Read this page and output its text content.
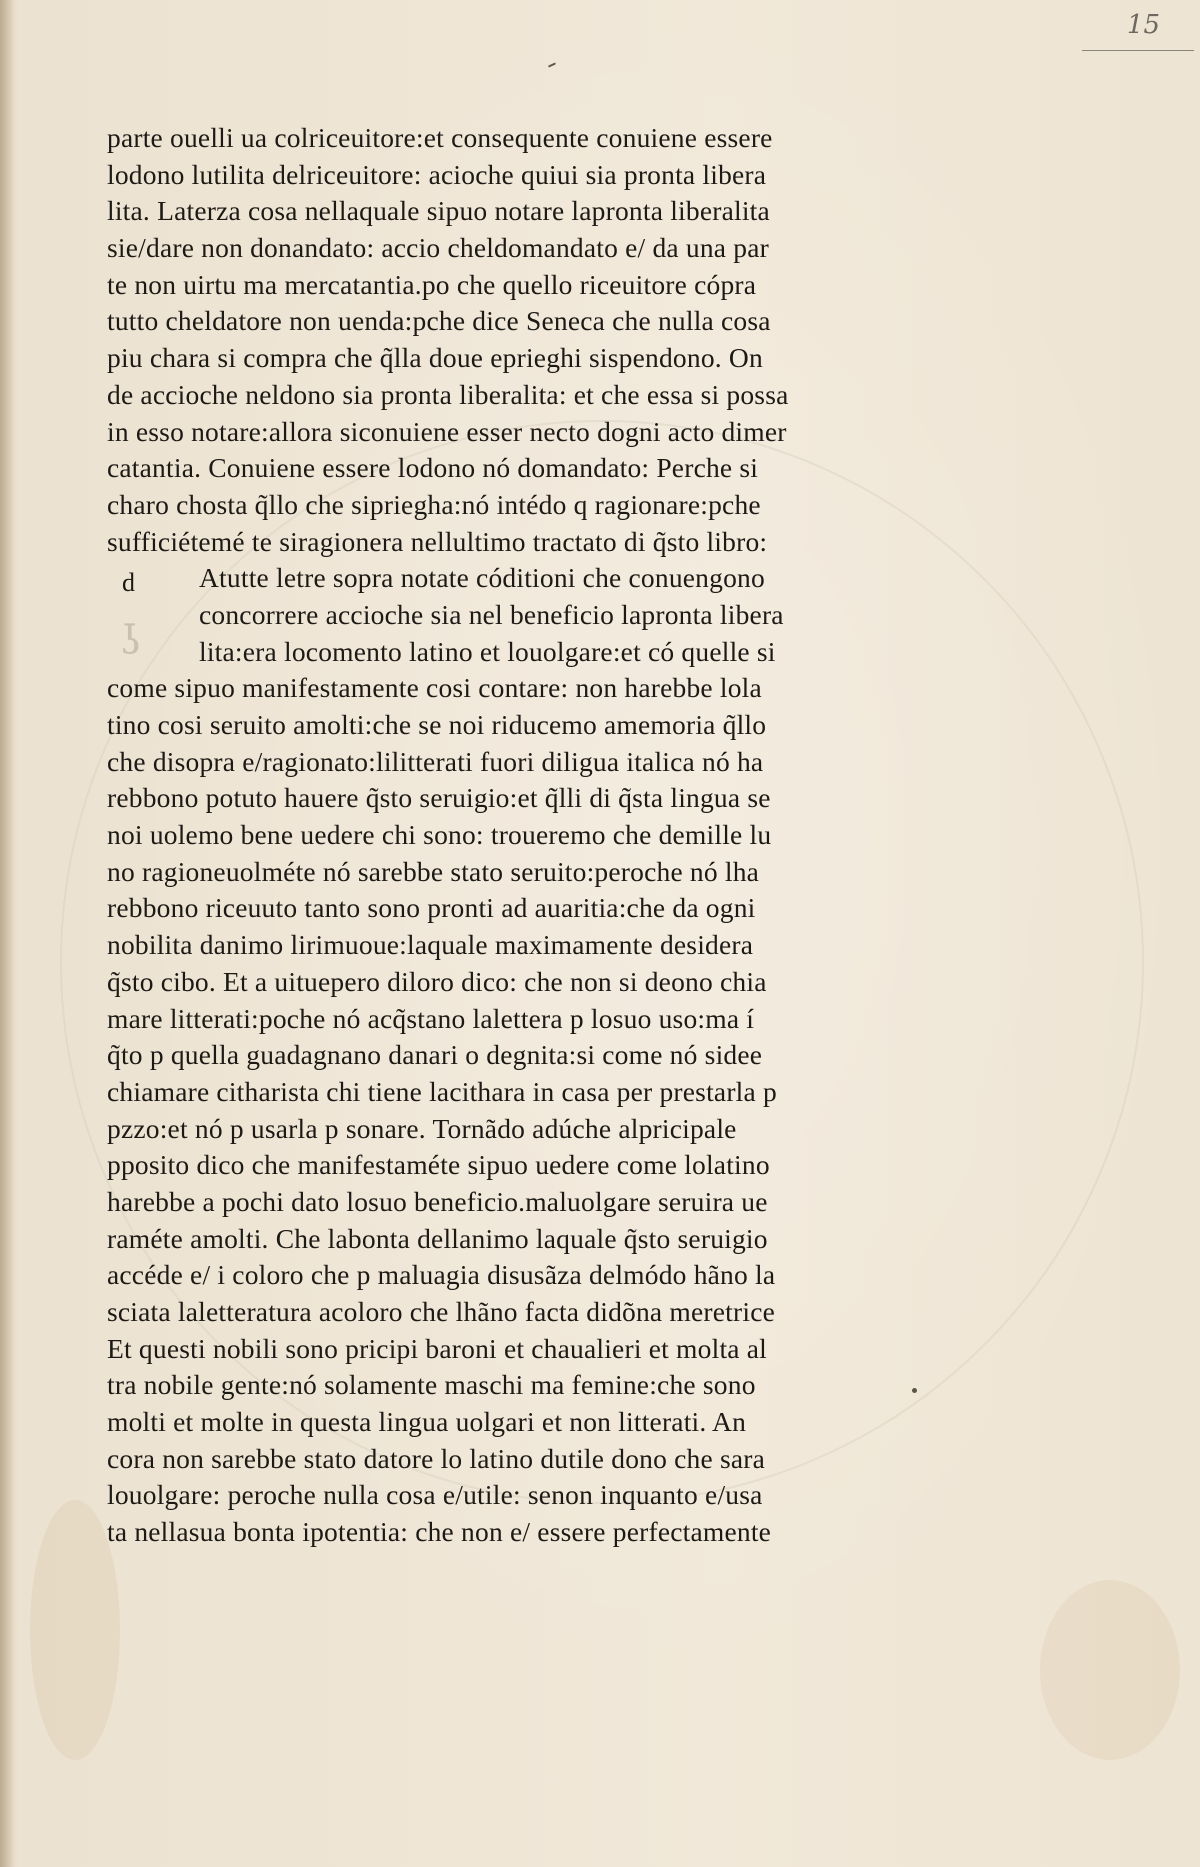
15
d
ʖ
parte ouelli ua colriceuitore:et consequente conuiene essere
lodono lutilita delriceuitore: acioche quiui sia pronta libera
lita. Laterza cosa nellaquale sipuo notare lapronta liberalita
sie/dare non donandato: accio cheldomandato e/ da una par
te non uirtu ma mercatantia.po che quello riceuitore cópra
tutto cheldatore non uenda:pche dice Seneca che nulla cosa
piu chara si compra che q̃lla doue eprieghi sispendono. On
de accioche neldono sia pronta liberalita: et che essa si possa
in esso notare:allora siconuiene esser necto dogni acto dimer
catantia. Conuiene essere lodono nó domandato: Perche si
charo chosta q̃llo che sipriegha:nó intédo q ragionare:pche
sufficiétemé te siragionera nellultimo tractato di q̃sto libro:
Atutte letre sopra notate códitioni che conuengono
concorrere accioche sia nel beneficio lapronta libera
lita:era locomento latino et louolgare:et có quelle si
come sipuo manifestamente cosi contare: non harebbe lola
tino cosi seruito amolti:che se noi riducemo amemoria q̃llo
che disopra e/ragionato:lilitterati fuori diligua italica nó ha
rebbono potuto hauere q̃sto seruigio:et q̃lli di q̃sta lingua se
noi uolemo bene uedere chi sono: troueremo che demille lu
no ragioneuolméte nó sarebbe stato seruito:peroche nó lha
rebbono riceuuto tanto sono pronti ad auaritia:che da ogni
nobilita danimo lirimuoue:laquale maximamente desidera
q̃sto cibo. Et a uituepero diloro dico: che non si deono chia
mare litterati:poche nó acq̃stano lalettera p losuo uso:ma í
q̃to p quella guadagnano danari o degnita:si come nó sidee
chiamare citharista chi tiene lacithara in casa per prestarla p
pzzo:et nó p usarla p sonare. Tornãdo adúche alpricipale
pposito dico che manifestaméte sipuo uedere come lolatino
harebbe a pochi dato losuo beneficio.maluolgare seruira ue
raméte amolti. Che labonta dellanimo laquale q̃sto seruigio
accéde e/ i coloro che p maluagia disusãza delmódo hãno la
sciata laletteratura acoloro che lhãno facta didõna meretrice
Et questi nobili sono pricipi baroni et chaualieri et molta al
tra nobile gente:nó solamente maschi ma femine:che sono
molti et molte in questa lingua uolgari et non litterati. An
cora non sarebbe stato datore lo latino dutile dono che sara
louolgare: peroche nulla cosa e/utile: senon inquanto e/usa
ta nellasua bonta ipotentia: che non e/ essere perfectamente
